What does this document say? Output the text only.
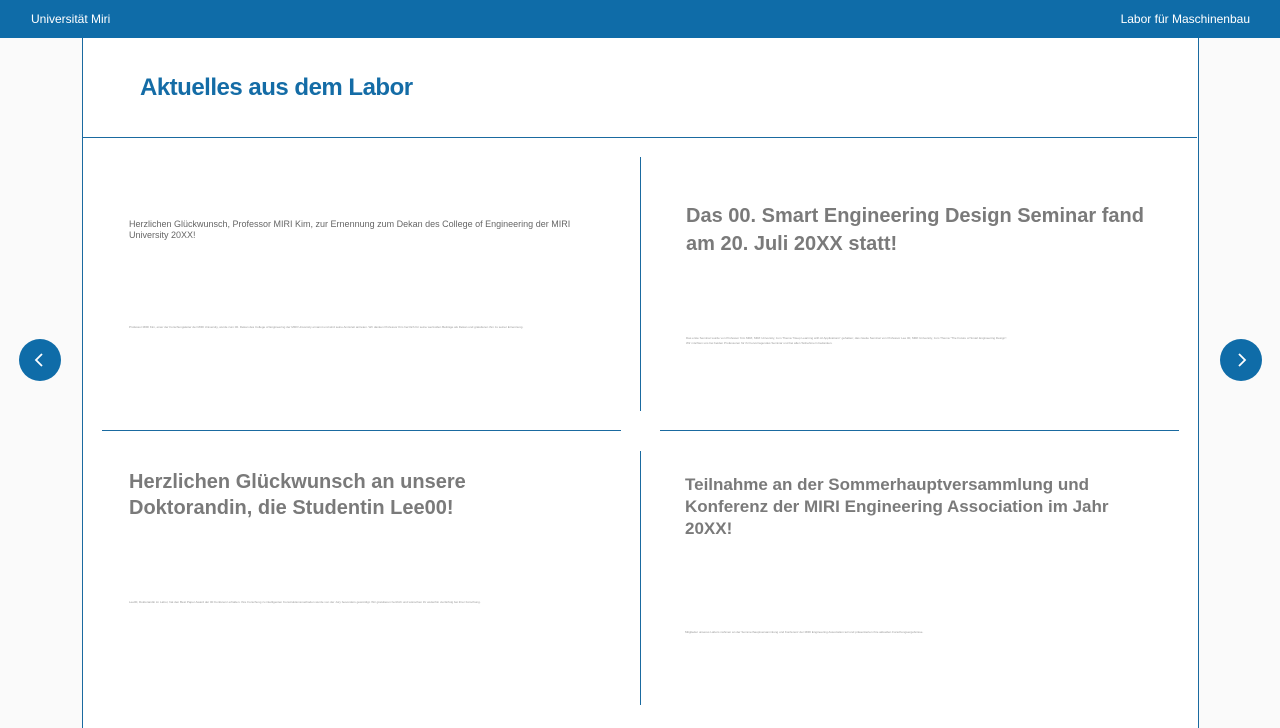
Universität Miri	Labor für Maschinenbau
Aktuelles aus dem Labor
Herzlichen Glückwunsch, Professor MIRI Kim, zur Ernennung zum Dekan des College of Engineering der MIRI University 20XX!
Professor MIRI Kim, einer der Forschungsleiter der MIRI University, wurde zum 00. Dekan des College of Engineering der MIRI University ernannt und wird seine Amtszeit antreten. Wir danken Professor Kim herzlich für seine wertvollen Beiträge als Dekan und gratulieren ihm zu seiner Ernennung.
Das 00. Smart Engineering Design Seminar fand am 20. Juli 20XX statt!
Das erste Seminar wurde von Professor Kim MIRI, MIRI University, zum Thema "Deep Learning with AI Applications" gehalten; das zweite Seminar von Professor Lee 00, MIRI University, zum Thema "The Future of Smart Engineering Design".
Wir möchten uns bei beiden Professoren für ihr hervorragendes Seminar und bei allen Teilnehmern bedanken.
Herzlichen Glückwunsch an unsere Doktorandin, die Studentin Lee00!
Lee00, Doktorandin im Labor, hat den Best Paper Award der 00 Konferenz erhalten. Ihre Forschung zu intelligenten Konstruktionsmethoden wurde von der Jury besonders gewürdigt. Wir gratulieren herzlich und wünschen ihr weiterhin viel Erfolg bei ihrer Forschung.
Teilnahme an der Sommerhauptversammlung und Konferenz der MIRI Engineering Association im Jahr 20XX!
Mitglieder unseres Labors nahmen an der Sommerhauptversammlung und Konferenz der MIRI Engineering Association teil und präsentierten ihre aktuellen Forschungsergebnisse.
